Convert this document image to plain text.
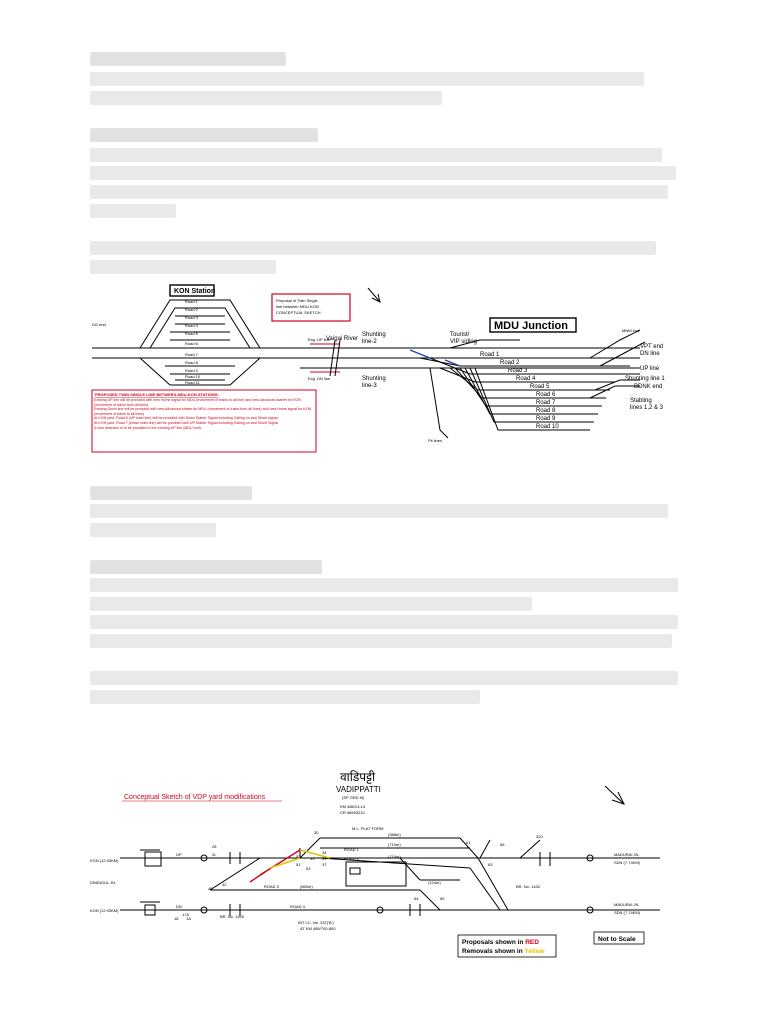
KON Station
Proposal of Twin Single line between MDU-KON CONCEPTUAL SKETCH
MDU Junction
DG end
Road 1
Road 2
Road 3
Road 4
Road 5
Road 6
Road 7
Road 8
Road 9
Road 10
Road 11
Exg. UP line
Exg. DN line
Vaigai River
Shunting line-2
Shunting line-3
Tourist/ VIP siding
Road 1
Road 2
Road 3
Road 4
Road 5
Road 6
Road 7
Road 8
Road 9
Road 10
MNM end
VPT end DN line
UP line
Shunting line 1
BDNK end
Stabling lines 1,2 & 3
Pit lines
PROPOSED TWIN SINGLE LINE BETWEEN MDU-KON STATIONS:
Existing UP line will be provided with new Home signal for MDU (movement of trains to all line) and new Advanced starter for KON (movement of trains from all lines)
Existing Down line will be provided with new Advanced starter for MDU (movement of trains from all lines) and new Home signal for KON (movement of trains to all lines)
At KON yard, Road 6 (UP main line) will be provided with Down Starter Signal including Calling on and Shunt signal.
At KON yard, Road 7 (Down main line) will be provided with UP Starter Signal including Calling on and Shunt Signal.
A new diversion is to be provided to the existing UP line (MDU end).
Conceptual Sketch of VDP yard modifications
वाडिपट्टी
VADIPPATTI
(SP GRD III)
KM 485/13-14
CR 46593210
M.L. PLAT FORM
KGN (12.93KM)
DINDIGUL JN.
KON (12.93KM)
MADURAI JN.
SDN (7.74KM)
MADURAI JN.
SDN (7.74KM)
ROAD 1
ROAD 2
ROAD 3
ROAD 4
(388m)
(710m)
(710m)
(850m)
(124m)
BR. No. 1400
BR. No. 1402
INT LC. No. 337('B')
AT KM 485/700-800
30
28
2L	34
31
37
33
53
52
51
42
40
17A
18 1A
54	55
63
61	65
320
UP
DN
Proposals shown in RED
Removals shown in Yellow
Not to Scale
